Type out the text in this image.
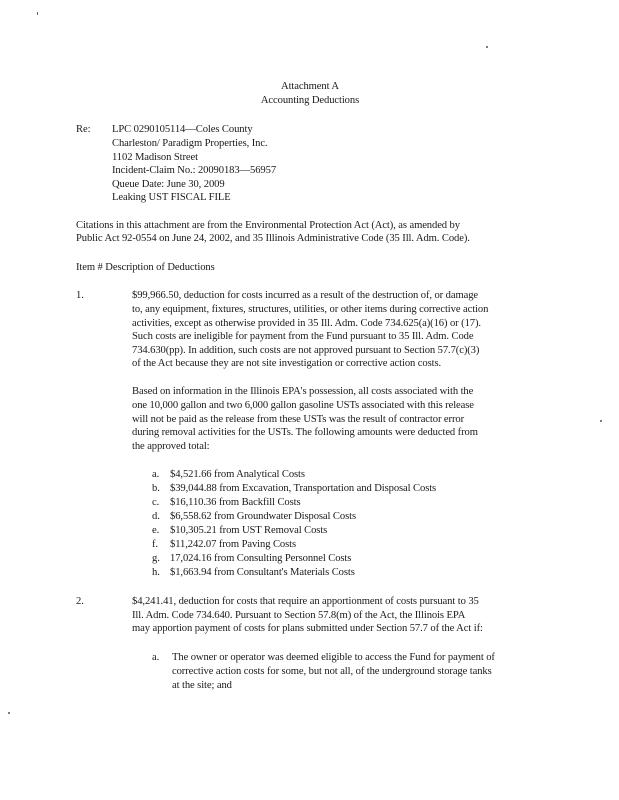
Attachment A
Accounting Deductions
Re: LPC 0290105114—Coles County
Charleston/ Paradigm Properties, Inc.
1102 Madison Street
Incident-Claim No.: 20090183—56957
Queue Date: June 30, 2009
Leaking UST FISCAL FILE
Citations in this attachment are from the Environmental Protection Act (Act), as amended by
Public Act 92-0554 on June 24, 2002, and 35 Illinois Administrative Code (35 Ill. Adm. Code).
Item # Description of Deductions
1.	$99,966.50, deduction for costs incurred as a result of the destruction of, or damage
to, any equipment, fixtures, structures, utilities, or other items during corrective action
activities, except as otherwise provided in 35 Ill. Adm. Code 734.625(a)(16) or (17).
Such costs are ineligible for payment from the Fund pursuant to 35 Ill. Adm. Code
734.630(pp). In addition, such costs are not approved pursuant to Section 57.7(c)(3)
of the Act because they are not site investigation or corrective action costs.
Based on information in the Illinois EPA's possession, all costs associated with the
one 10,000 gallon and two 6,000 gallon gasoline USTs associated with this release
will not be paid as the release from these USTs was the result of contractor error
during removal activities for the USTs. The following amounts were deducted from
the approved total:
a. $4,521.66 from Analytical Costs
b. $39,044.88 from Excavation, Transportation and Disposal Costs
c. $16,110.36 from Backfill Costs
d. $6,558.62 from Groundwater Disposal Costs
e. $10,305.21 from UST Removal Costs
f. $11,242.07 from Paving Costs
g. 17,024.16 from Consulting Personnel Costs
h. $1,663.94 from Consultant's Materials Costs
2.	$4,241.41, deduction for costs that require an apportionment of costs pursuant to 35
Ill. Adm. Code 734.640. Pursuant to Section 57.8(m) of the Act, the Illinois EPA
may apportion payment of costs for plans submitted under Section 57.7 of the Act if:
a. The owner or operator was deemed eligible to access the Fund for payment of
corrective action costs for some, but not all, of the underground storage tanks
at the site; and
